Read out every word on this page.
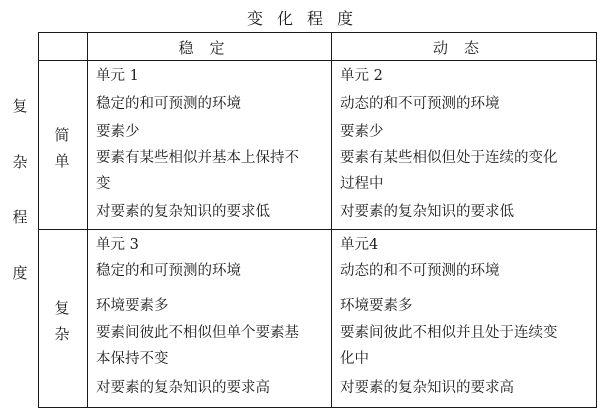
变化程度
稳定	动态
复
杂
程
度
简
单
复
杂
单元 1
稳定的和可预测的环境
要素少
要素有某些相似并基本上保持不
变
对要素的复杂知识的要求低
单元 2
动态的和不可预测的环境
要素少
要素有某些相似但处于连续的变化
过程中
对要素的复杂知识的要求低
单元 3
稳定的和可预测的环境
环境要素多
要素间彼此不相似但单个要素基
本保持不变
对要素的复杂知识的要求高
单元4
动态的和不可预测的环境
环境要素多
要素间彼此不相似并且处于连续变
化中
对要素的复杂知识的要求高
